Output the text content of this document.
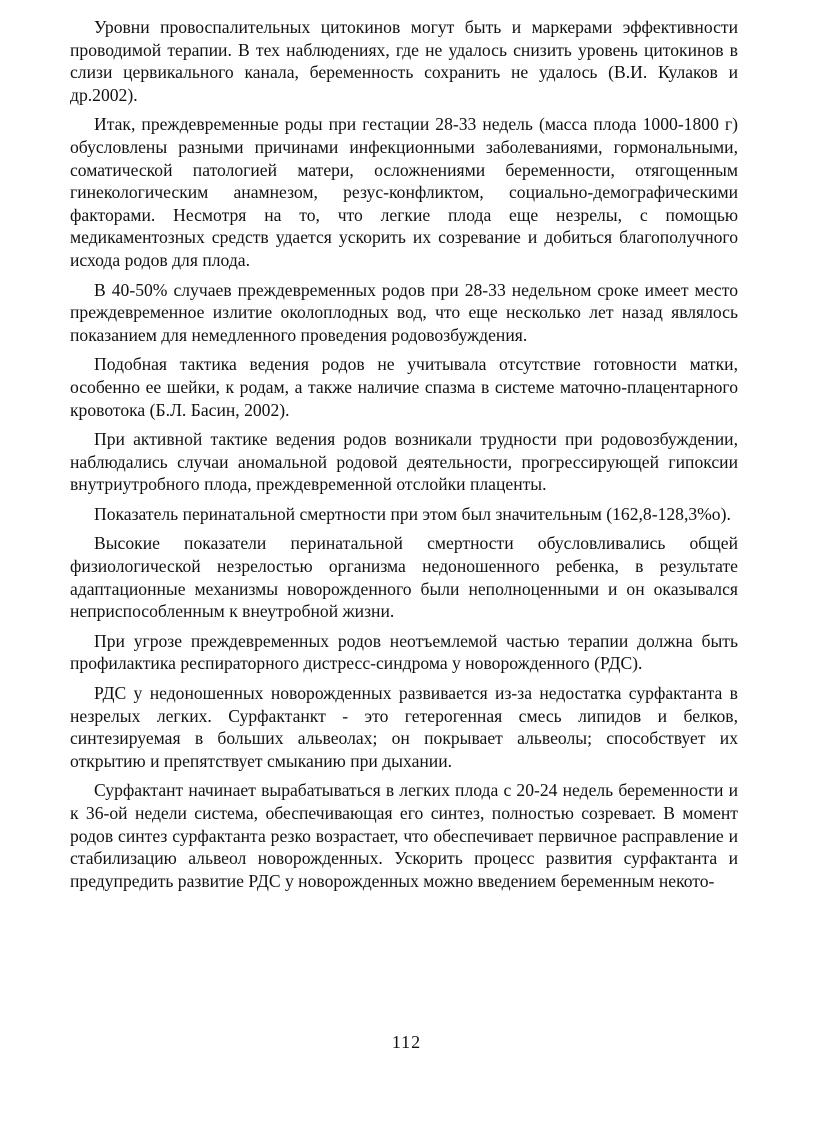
Уровни провоспалительных цитокинов могут быть и маркерами эффективности проводимой терапии. В тех наблюдениях, где не удалось снизить уровень цитокинов в слизи цервикального канала, беременность сохранить не удалось (В.И. Кулаков и др.2002).

Итак, преждевременные роды при гестации 28-33 недель (масса плода 1000-1800 г) обусловлены разными причинами инфекционными заболеваниями, гормональными, соматической патологией матери, осложнениями беременности, отягощенным гинекологическим анамнезом, резус-конфликтом, социально-демографическими факторами. Несмотря на то, что легкие плода еще незрелы, с помощью медикаментозных средств удается ускорить их созревание и добиться благополучного исхода родов для плода.

В 40-50% случаев преждевременных родов при 28-33 недельном сроке имеет место преждевременное излитие околоплодных вод, что еще несколько лет назад являлось показанием для немедленного проведения родовозбуждения.

Подобная тактика ведения родов не учитывала отсутствие готовности матки, особенно ее шейки, к родам, а также наличие спазма в системе маточно-плацентарного кровотока (Б.Л. Басин, 2002).

При активной тактике ведения родов возникали трудности при родовозбуждении, наблюдались случаи аномальной родовой деятельности, прогрессирующей гипоксии внутриутробного плода, преждевременной отслойки плаценты.

Показатель перинатальной смертности при этом был значительным (162,8-128,3%о).

Высокие показатели перинатальной смертности обусловливались общей физиологической незрелостью организма недоношенного ребенка, в результате адаптационные механизмы новорожденного были неполноценными и он оказывался неприспособленным к внеутробной жизни.

При угрозе преждевременных родов неотъемлемой частью терапии должна быть профилактика респираторного дистресс-синдрома у новорожденного (РДС).

РДС у недоношенных новорожденных развивается из-за недостатка сурфактанта в незрелых легких. Сурфактанкт - это гетерогенная смесь липидов и белков, синтезируемая в больших альвеолах; он покрывает альвеолы; способствует их открытию и препятствует смыканию при дыхании.

Сурфактант начинает вырабатываться в легких плода с 20-24 недель беременности и к 36-ой недели система, обеспечивающая его синтез, полностью созревает. В момент родов синтез сурфактанта резко возрастает, что обеспечивает первичное расправление и стабилизацию альвеол новорожденных. Ускорить процесс развития сурфактанта и предупредить развитие РДС у новорожденных можно введением беременным некото-

112
